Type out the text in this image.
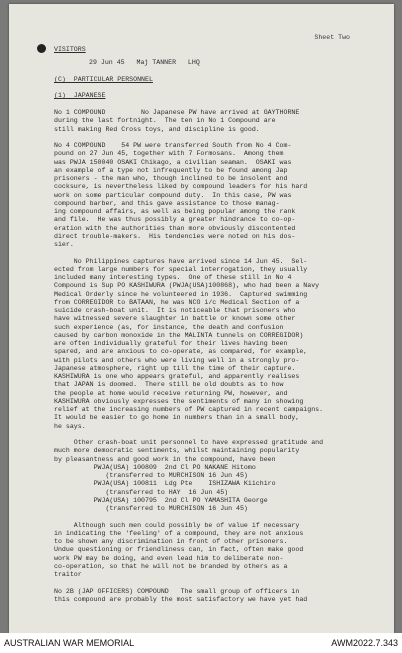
Sheet Two
VISITORS
29 Jun 45   Maj TANNER   LHQ
(C)  PARTICULAR PERSONNEL
(1)  JAPANESE
No 1 COMPOUND         No Japanese PW have arrived at GAYTHORNE
during the last fortnight.  The ten in No 1 Compound are
still making Red Cross toys, and discipline is good.
No 4 COMPOUND    54 PW were transferred South from No 4 Com-
pound on 27 Jun 45, together with 7 Formosans.  Among them
was PWJA 150040 OSAKI Chikago, a civilian seaman.  OSAKI was
an example of a type not infrequently to be found among Jap
prisoners - the man who, though inclined to be insolent and
cocksure, is nevertheless liked by compound leaders for his hard
work on some particular compound duty.  In this case, PW was
compound barber, and this gave assistance to those manag-
ing compound affairs, as well as being popular among the rank
and file.  He was thus possibly a greater hindrance to co-op-
eration with the authorities than more obviously discontented
direct trouble-makers.  His tendencies were noted on his dos-
sier.
No Philippines captures have arrived since 14 Jun 45.  Sel-
ected from large numbers for special interrogation, they usually
included many interesting types.  One of these still in No 4
Compound is Sup PO KASHIWURA (PWJA(USA)100868), who had been a Navy
Medical Orderly since he volunteered in 1936.  Captured swimming
from CORREGIDOR to BATAAN, he was NCO i/c Medical Section of a
suicide crash-boat unit.  It is noticeable that prisoners who
have witnessed severe slaughter in battle or known some other
such experience (as, for instance, the death and confusion
caused by carbon monoxide in the MALINTA tunnels on CORREGIDOR)
are often individually grateful for their lives having been
spared, and are anxious to co-operate, as compared, for example,
with pilots and others who were living well in a strongly pro-
Japanese atmosphere, right up till the time of their capture.
KASHIWURA is one who appears grateful, and apparently realises
that JAPAN is doomed.  There still be old doubts as to how
the people at home would receive returning PW, however, and
KASHIWURA obviously expresses the sentiments of many in showing
relief at the increasing numbers of PW captured in recent campaigns.
It would be easier to go home in numbers than in a small body,
he says.
Other crash-boat unit personnel to have expressed gratitude and
much more democratic sentiments, whilst maintaining popularity
by pleasantness and good work in the compound, have been
PWJA(USA) 100809  2nd Cl PO NAKANE Hitomo
(transferred to MURCHISON 16 Jun 45)
PWJA(USA) 100811  Ldg Pte    ISHIZAWA Kiichiro
(transferred to HAY  16 Jun 45)
PWJA(USA) 100795  2nd Cl PO YAMASHITA George
(transferred to MURCHISON 16 Jun 45)
Although such men could possibly be of value if necessary
in indicating the 'feeling' of a compound, they are not anxious
to be shown any discrimination in front of other prisoners.
Undue questioning or friendliness can, in fact, often make good
work PW may be doing, and even lead him to deliberate non-
co-operation, so that he will not be branded by others as a
traitor
No 2B (JAP OFFICERS) COMPOUND   The small group of officers in
this compound are probably the most satisfactory we have yet had
AUSTRALIAN WAR MEMORIAL	AWM2022.7.343
